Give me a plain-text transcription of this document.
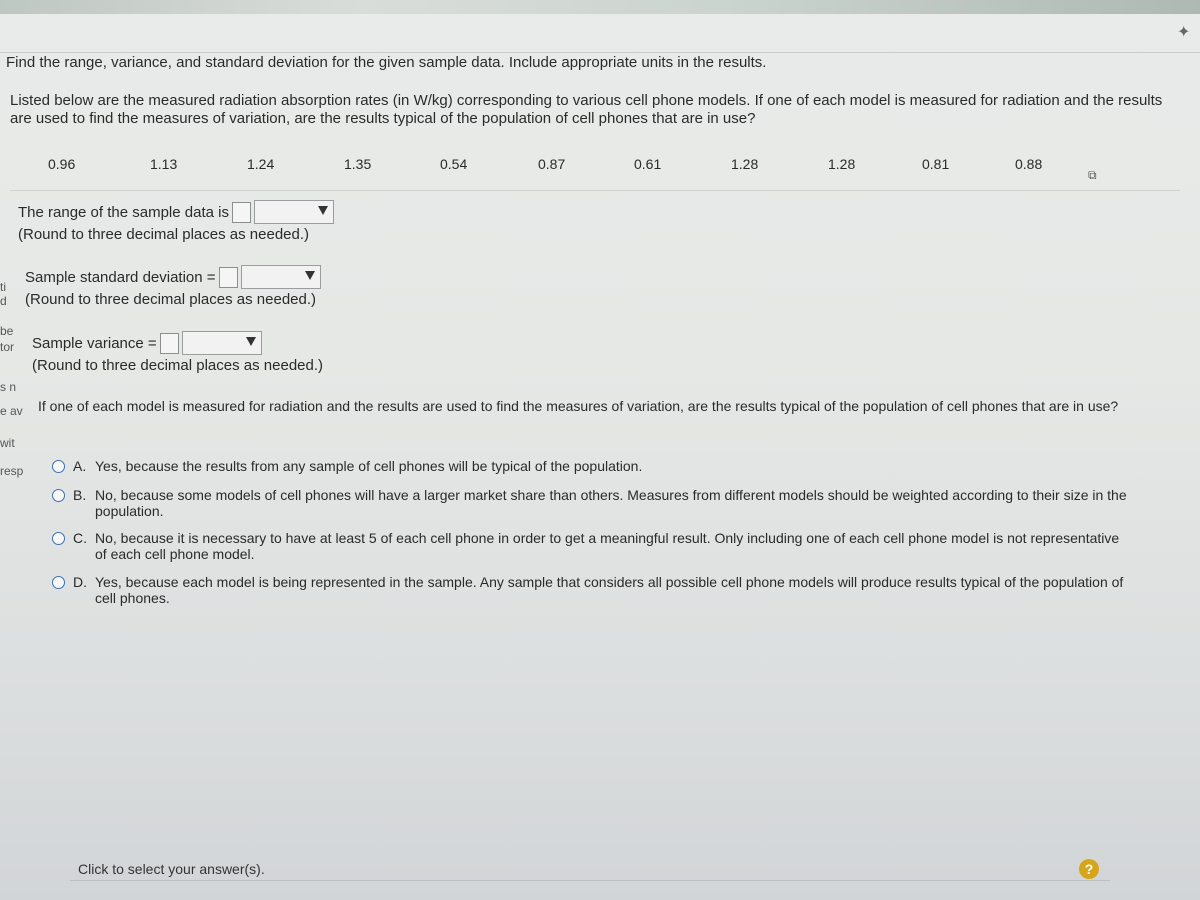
✦
ti
d
be
tor
s n
e av
wit
resp
Find the range, variance, and standard deviation for the given sample data. Include appropriate units in the results.
Listed below are the measured radiation absorption rates (in W/kg) corresponding to various cell phone models. If one of each model is measured for radiation and the results are used to find the measures of variation, are the results typical of the population of cell phones that are in use?
0.96	1.13	1.24	1.35	0.54	0.87	0.61	1.28	1.28	0.81	0.88
⧉
The range of the sample data is
(Round to three decimal places as needed.)
Sample standard deviation =
(Round to three decimal places as needed.)
Sample variance =
(Round to three decimal places as needed.)
If one of each model is measured for radiation and the results are used to find the measures of variation, are the results typical of the population of cell phones that are in use?
A. Yes, because the results from any sample of cell phones will be typical of the population.
B. No, because some models of cell phones will have a larger market share than others. Measures from different models should be weighted according to their size in the population.
C. No, because it is necessary to have at least 5 of each cell phone in order to get a meaningful result. Only including one of each cell phone model is not representative of each cell phone model.
D. Yes, because each model is being represented in the sample. Any sample that considers all possible cell phone models will produce results typical of the population of cell phones.
Click to select your answer(s).	?
